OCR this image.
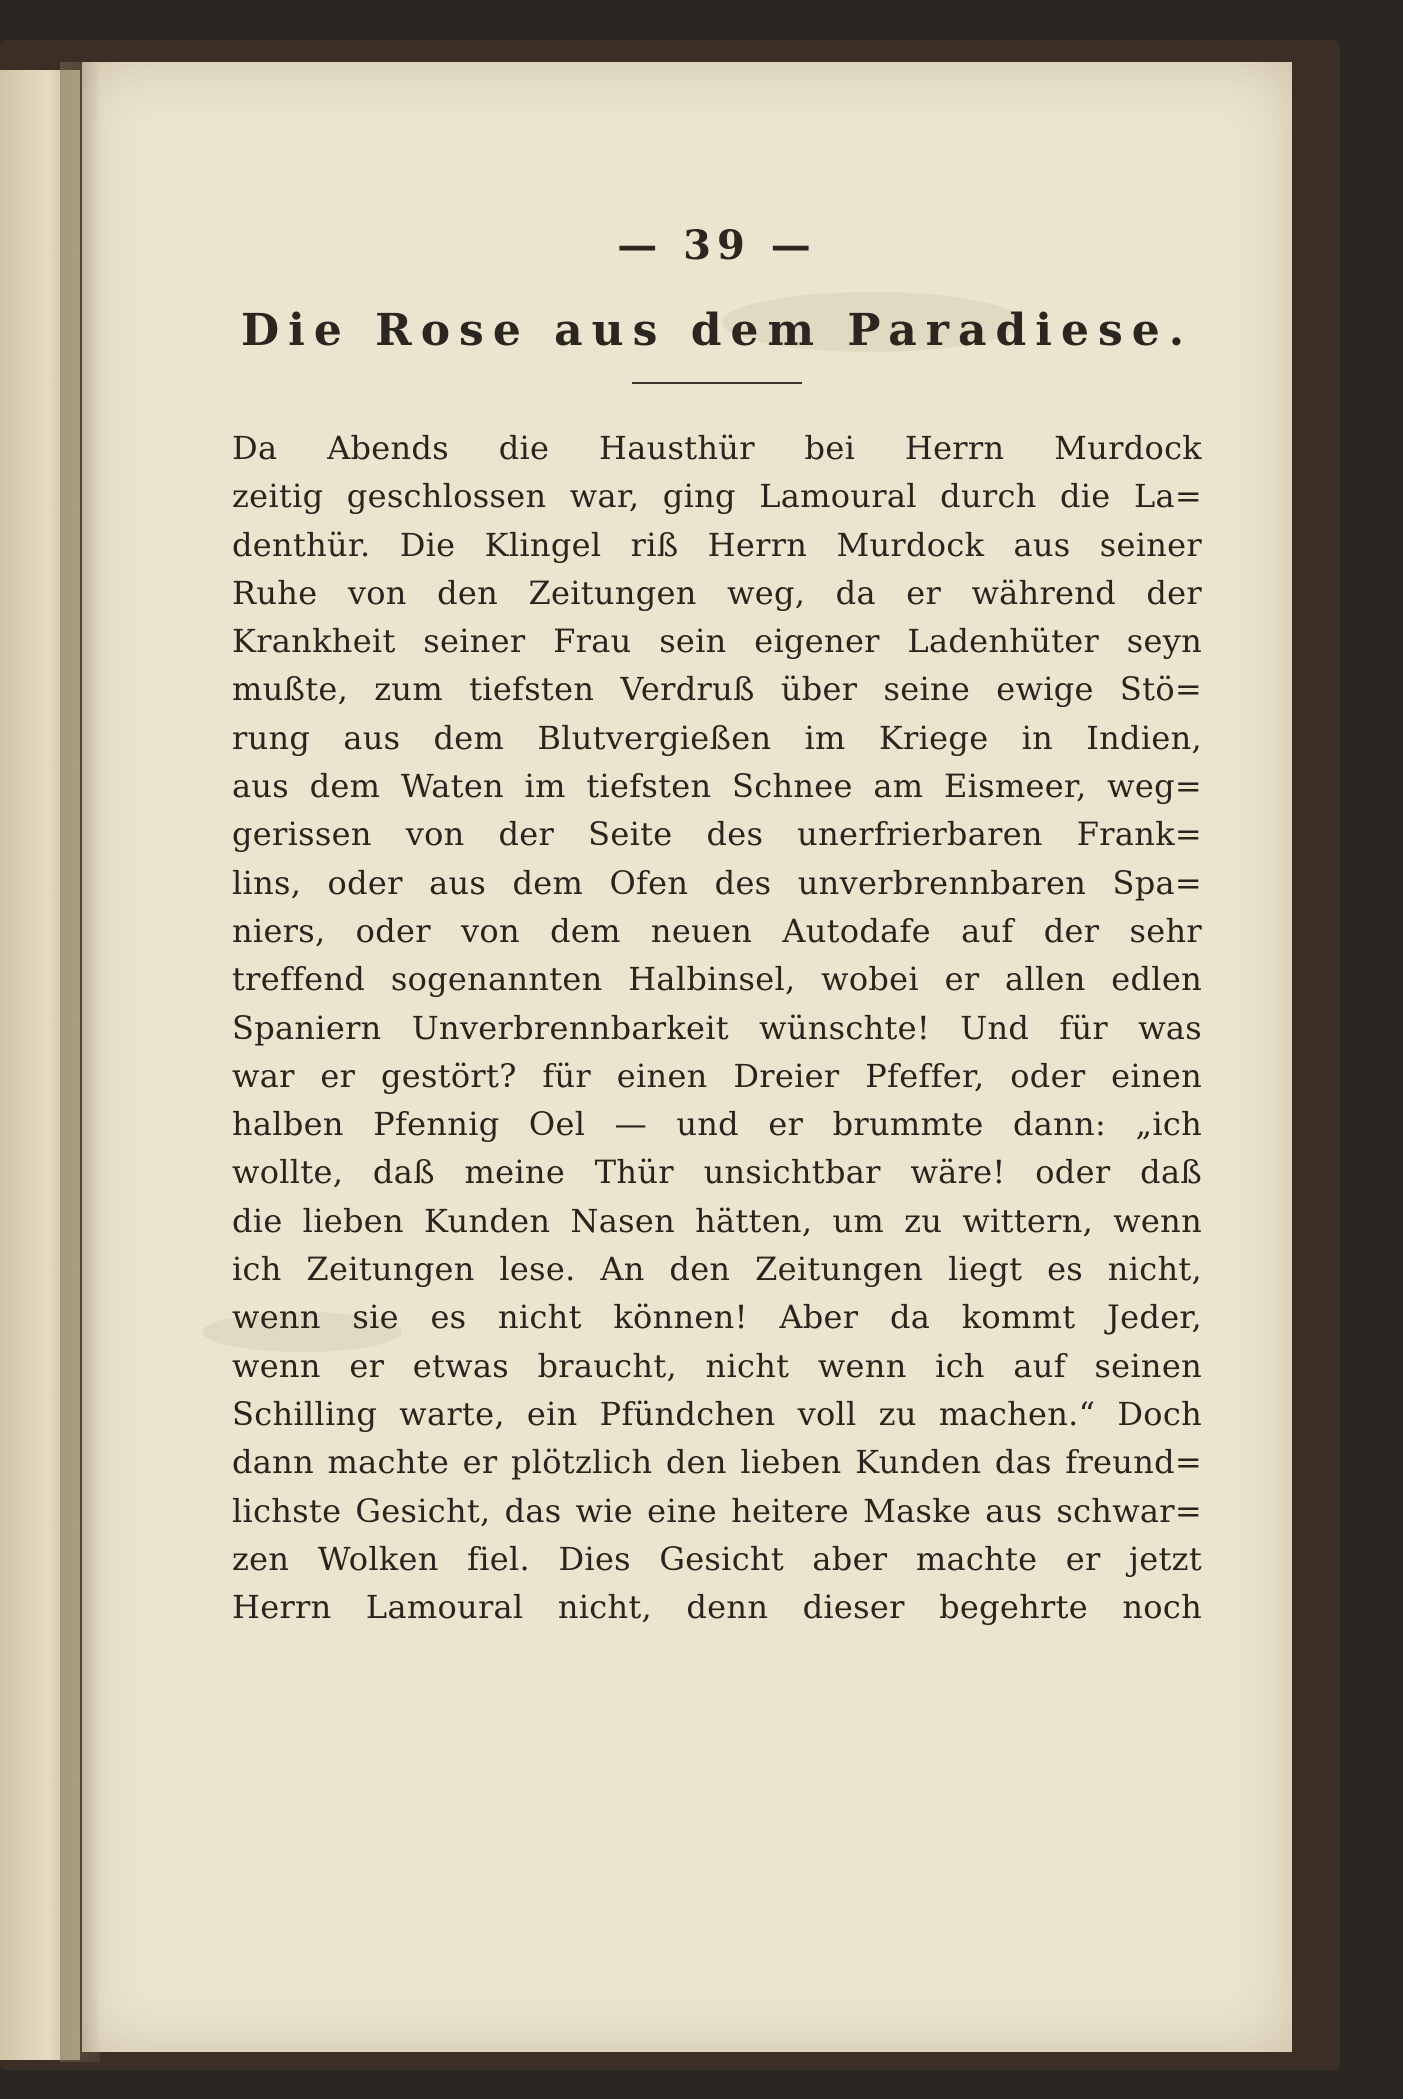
— 39 —
Die Rose aus dem Paradiese.
Da Abends die Hausthür bei Herrn Murdock
zeitig geschlossen war, ging Lamoural durch die La=
denthür. Die Klingel riß Herrn Murdock aus seiner
Ruhe von den Zeitungen weg, da er während der
Krankheit seiner Frau sein eigener Ladenhüter seyn
mußte, zum tiefsten Verdruß über seine ewige Stö=
rung aus dem Blutvergießen im Kriege in Indien,
aus dem Waten im tiefsten Schnee am Eismeer, weg=
gerissen von der Seite des unerfrierbaren Frank=
lins, oder aus dem Ofen des unverbrennbaren Spa=
niers, oder von dem neuen Autodafe auf der sehr
treffend sogenannten Halbinsel, wobei er allen edlen
Spaniern Unverbrennbarkeit wünschte! Und für was
war er gestört? für einen Dreier Pfeffer, oder einen
halben Pfennig Oel — und er brummte dann: „ich
wollte, daß meine Thür unsichtbar wäre! oder daß
die lieben Kunden Nasen hätten, um zu wittern, wenn
ich Zeitungen lese. An den Zeitungen liegt es nicht,
wenn sie es nicht können! Aber da kommt Jeder,
wenn er etwas braucht, nicht wenn ich auf seinen
Schilling warte, ein Pfündchen voll zu machen.“ Doch
dann machte er plötzlich den lieben Kunden das freund=
lichste Gesicht, das wie eine heitere Maske aus schwar=
zen Wolken fiel. Dies Gesicht aber machte er jetzt
Herrn Lamoural nicht, denn dieser begehrte noch
